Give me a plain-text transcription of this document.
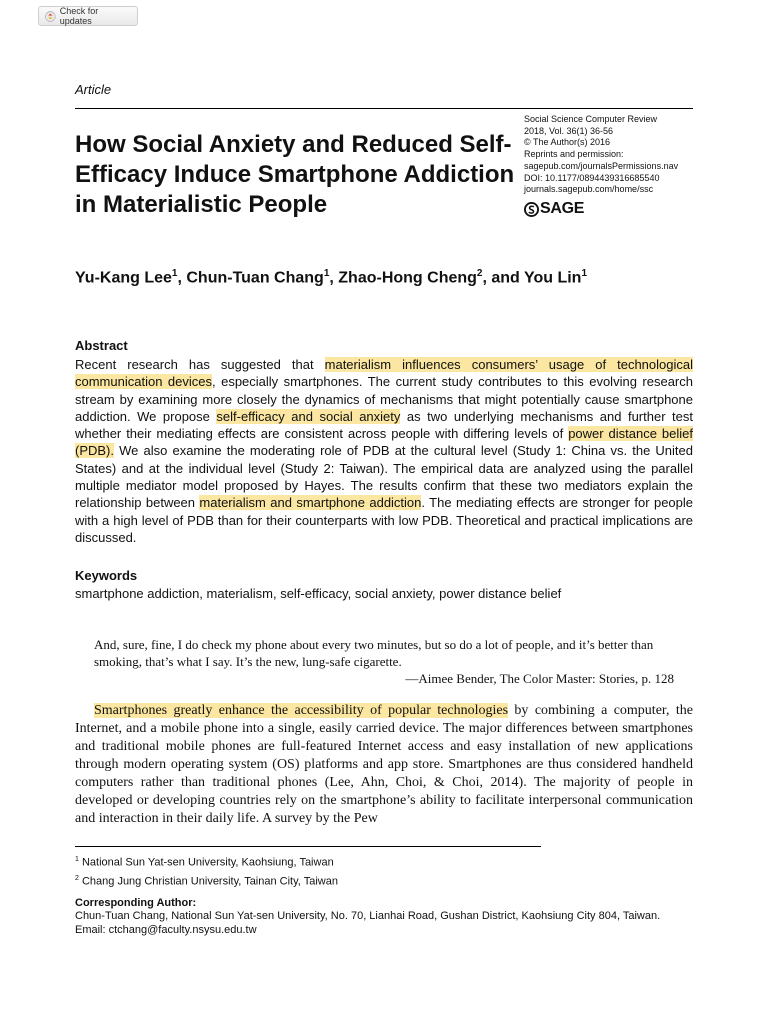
Check for updates
Article
How Social Anxiety and Reduced Self-Efficacy Induce Smartphone Addiction in Materialistic People
Social Science Computer Review
2018, Vol. 36(1) 36-56
© The Author(s) 2016
Reprints and permission:
sagepub.com/journalsPermissions.nav
DOI: 10.1177/0894439316685540
journals.sagepub.com/home/ssc
SAGE
Yu-Kang Lee$^1$, Chun-Tuan Chang$^1$, Zhao-Hong Cheng$^2$, and You Lin$^1$
Abstract
Recent research has suggested that materialism influences consumers’ usage of technological communication devices, especially smartphones. The current study contributes to this evolving research stream by examining more closely the dynamics of mechanisms that might potentially cause smartphone addiction. We propose self-efficacy and social anxiety as two underlying mechanisms and further test whether their mediating effects are consistent across people with differing levels of power distance belief (PDB). We also examine the moderating role of PDB at the cultural level (Study 1: China vs. the United States) and at the individual level (Study 2: Taiwan). The empirical data are analyzed using the parallel multiple mediator model proposed by Hayes. The results confirm that these two mediators explain the relationship between materialism and smartphone addiction. The mediating effects are stronger for people with a high level of PDB than for their counterparts with low PDB. Theoretical and practical implications are discussed.
Keywords
smartphone addiction, materialism, self-efficacy, social anxiety, power distance belief
And, sure, fine, I do check my phone about every two minutes, but so do a lot of people, and it’s better than smoking, that’s what I say. It’s the new, lung-safe cigarette.
—Aimee Bender, The Color Master: Stories, p. 128
Smartphones greatly enhance the accessibility of popular technologies by combining a computer, the Internet, and a mobile phone into a single, easily carried device. The major differences between smartphones and traditional mobile phones are full-featured Internet access and easy installation of new applications through modern operating system (OS) platforms and app store. Smartphones are thus considered handheld computers rather than traditional phones (Lee, Ahn, Choi, & Choi, 2014). The majority of people in developed or developing countries rely on the smartphone’s ability to facilitate interpersonal communication and interaction in their daily life. A survey by the Pew
$^1$ National Sun Yat-sen University, Kaohsiung, Taiwan
$^2$ Chang Jung Christian University, Tainan City, Taiwan
Corresponding Author:
Chun-Tuan Chang, National Sun Yat-sen University, No. 70, Lianhai Road, Gushan District, Kaohsiung City 804, Taiwan.
Email: ctchang@faculty.nsysu.edu.tw
